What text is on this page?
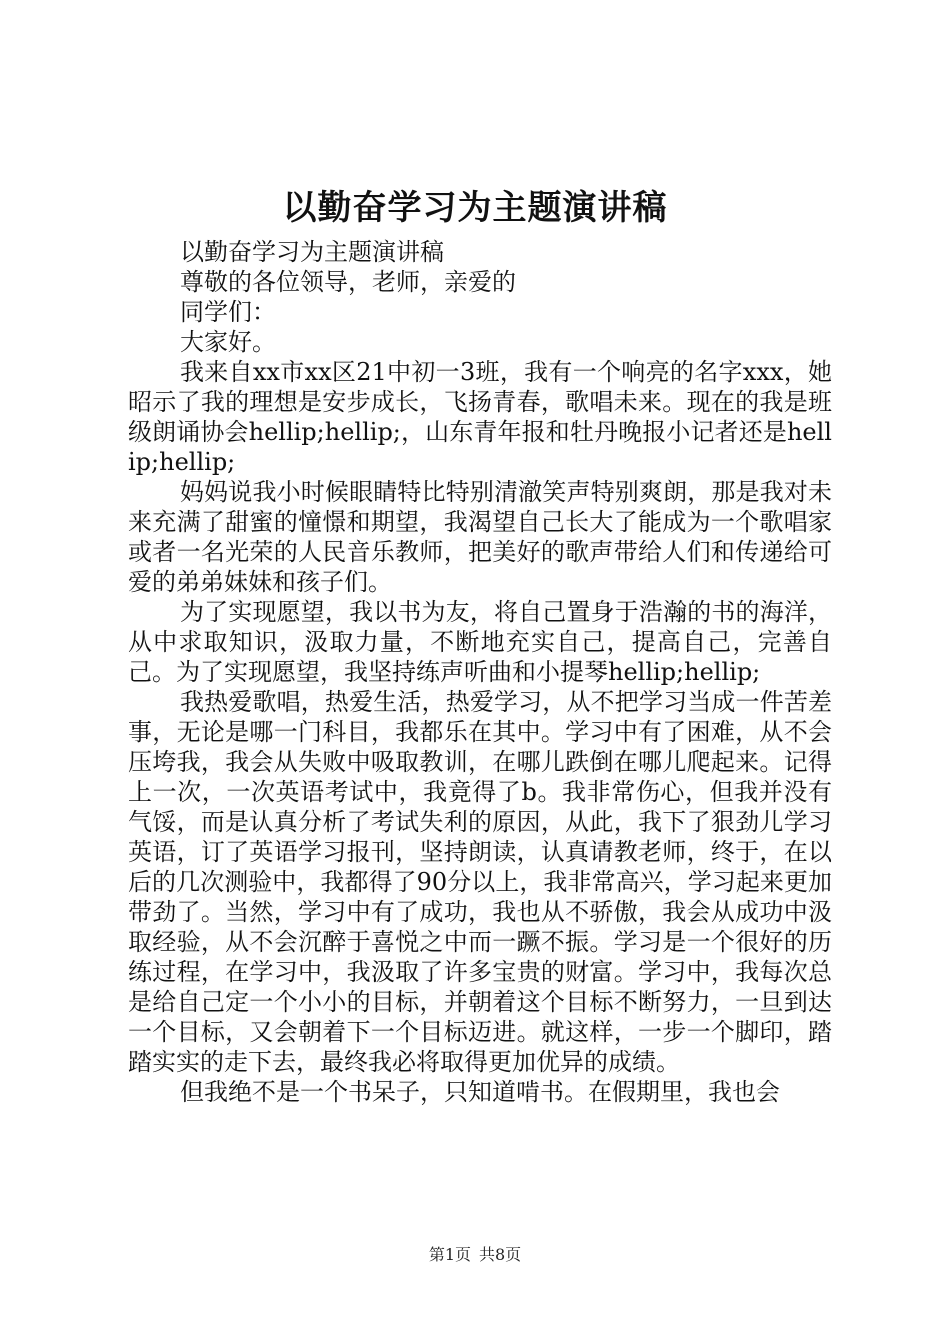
以勤奋学习为主题演讲稿

以勤奋学习为主题演讲稿

尊敬的各位领导，老师，亲爱的

同学们：

大家好。

我来自xx市xx区21中初一3班，我有一个响亮的名字xxx，她昭示了我的理想是安步成长，飞扬青春，歌唱未来。现在的我是班级朗诵协会hellip;hellip;，山东青年报和牡丹晚报小记者还是hellip;hellip;

妈妈说我小时候眼睛特比特别清澈笑声特别爽朗，那是我对未来充满了甜蜜的憧憬和期望，我渴望自己长大了能成为一个歌唱家或者一名光荣的人民音乐教师，把美好的歌声带给人们和传递给可爱的弟弟妹妹和孩子们。

为了实现愿望，我以书为友，将自己置身于浩瀚的书的海洋，从中求取知识，汲取力量，不断地充实自己，提高自己，完善自己。为了实现愿望，我坚持练声听曲和小提琴hellip;hellip;

我热爱歌唱，热爱生活，热爱学习，从不把学习当成一件苦差事，无论是哪一门科目，我都乐在其中。学习中有了困难，从不会压垮我，我会从失败中吸取教训，在哪儿跌倒在哪儿爬起来。记得上一次，一次英语考试中，我竟得了b。我非常伤心，但我并没有气馁，而是认真分析了考试失利的原因，从此，我下了狠劲儿学习英语，订了英语学习报刊，坚持朗读，认真请教老师，终于，在以后的几次测验中，我都得了90分以上，我非常高兴，学习起来更加带劲了。当然，学习中有了成功，我也从不骄傲，我会从成功中汲取经验，从不会沉醉于喜悦之中而一蹶不振。学习是一个很好的历练过程，在学习中，我汲取了许多宝贵的财富。学习中，我每次总是给自己定一个小小的目标，并朝着这个目标不断努力，一旦到达一个目标，又会朝着下一个目标迈进。就这样，一步一个脚印，踏踏实实的走下去，最终我必将取得更加优异的成绩。

但我绝不是一个书呆子，只知道啃书。在假期里，我也会

第1页 共8页
